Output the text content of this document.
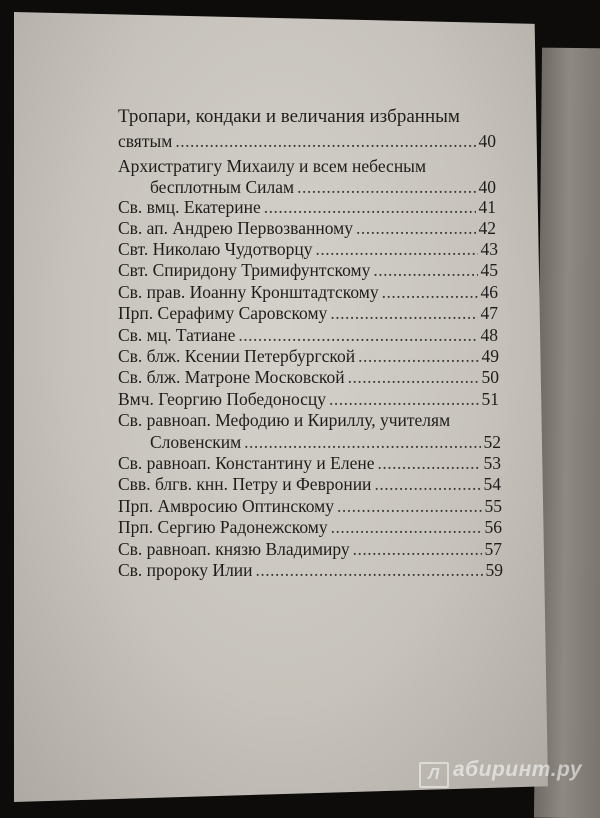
Тропари, кондаки и величания избранным
святым .....	40
Архистратигу Михаилу и всем небесным
бесплотным Силам .....	40
Св. вмц. Екатерине .....	41
Св. ап. Андрею Первозванному .....	42
Свт. Николаю Чудотворцу .....	43
Свт. Спиридону Тримифунтскому .....	45
Св. прав. Иоанну Кронштадтскому .....	46
Прп. Серафиму Саровскому .....	47
Св. мц. Татиане .....	48
Св. блж. Ксении Петербургской .....	49
Св. блж. Матроне Московской .....	50
Вмч. Георгию Победоносцу .....	51
Св. равноап. Мефодию и Кириллу, учителям
Словенским .....	52
Св. равноап. Константину и Елене .....	53
Свв. блгв. кнн. Петру и Февронии .....	54
Прп. Амвросию Оптинскому .....	55
Прп. Сергию Радонежскому .....	56
Св. равноап. князю Владимиру .....	57
Св. пророку Илии .....	59
Л абиринт.ру
